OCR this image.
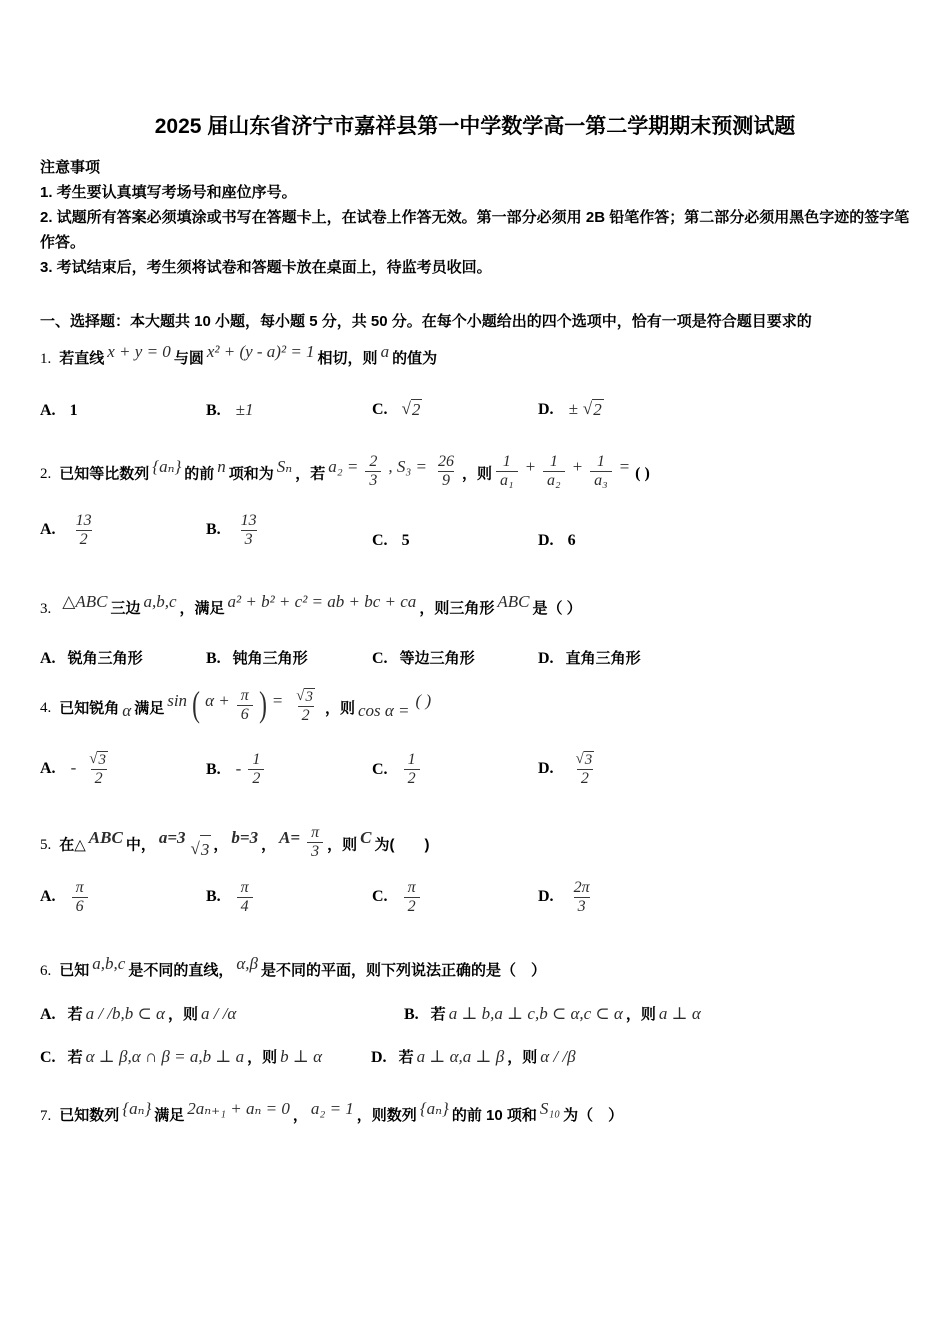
2025 届山东省济宁市嘉祥县第一中学数学高一第二学期期末预测试题
注意事项
1. 考生要认真填写考场号和座位序号。
2. 试题所有答案必须填涂或书写在答题卡上，在试卷上作答无效。第一部分必须用 2B 铅笔作答；第二部分必须用黑色字迹的签字笔作答。
3. 考试结束后，考生须将试卷和答题卡放在桌面上，待监考员收回。
一、选择题：本大题共 10 小题，每小题 5 分，共 50 分。在每个小题给出的四个选项中，恰有一项是符合题目要求的
1. 若直线 x + y = 0 与圆 x² + (y - a)² = 1 相切，则 a 的值为
A. 1	B. ±1	C. √ 2	D. ± √ 2
2. 已知等比数列 {aₙ} 的前 n 项和为 Sₙ ，若 $a_2 = \frac{2}{3}$ , $S_3 = \frac{26}{9}$ ，则 $\frac{1}{\text{a₁}} + \frac{1}{\text{a₂}} + \frac{1}{\text{a₃}}$ = ( )
A. $\frac{13}{2}$	B. $\frac{13}{3}$	C. 5	D. 6
3. △ABC 三边 a,b,c ，满足 a² + b² + c² = ab + bc + ca ，则三角形 ABC 是（ ）
A. 锐角三角形	B. 钝角三角形	C. 等边三角形	D. 直角三角形
4. 已知锐角 α 满足 sin ( $\alpha + \frac{\pi}{6}$ ) = $\frac{√ 3}{2}$ ，则 cos α =( )
A. - $\frac{√ 3}{2}$	B. - $\frac{1}{2}$	C. $\frac{1}{2}$	D. $\frac{√ 3}{2}$
5. 在△ ABC 中， a=3
√ 3 ， b=3 ， $A= \frac{\pi}{3}$ ，则 C 为(　　)
A. $\frac{\pi}{6}$	B. $\frac{\pi}{4}$	C. $\frac{\pi}{2}$	D. $\frac{2\pi}{3}$
6. 已知 a,b,c 是不同的直线， α,β 是不同的平面，则下列说法正确的是（　）
A. 若 a / /b,b ⊂ α ，则 a / /α	B. 若 a ⊥ b,a ⊥ c,b ⊂ α,c ⊂ α ，则 a ⊥ α
C. 若 α ⊥ β,α ∩ β = a,b ⊥ a ，则 b ⊥ α	D. 若 a ⊥ α,a ⊥ β ，则 α / /β
7. 已知数列 {aₙ} 满足 2aₙ₊₁ + aₙ = 0 ， a₂ = 1 ，则数列 {aₙ} 的前 10 项和 S₁₀ 为（　）
